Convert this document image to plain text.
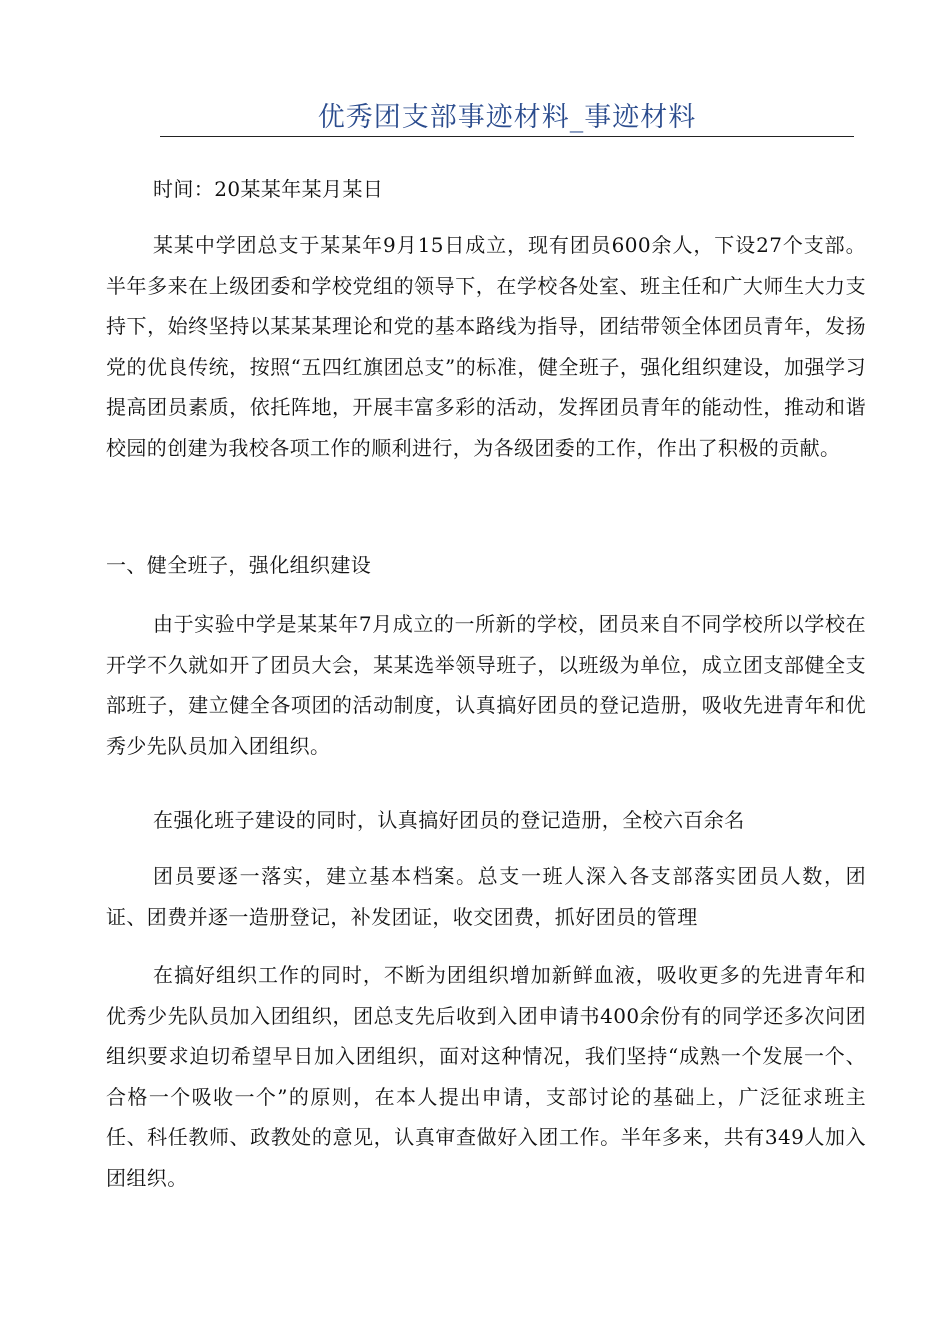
优秀团支部事迹材料_事迹材料

时间：20某某年某月某日

某某中学团总支于某某年9月15日成立，现有团员600余人，下设27个支部。半年多来在上级团委和学校党组的领导下，在学校各处室、班主任和广大师生大力支持下，始终坚持以某某某理论和党的基本路线为指导，团结带领全体团员青年，发扬党的优良传统，按照“五四红旗团总支”的标准，健全班子，强化组织建设，加强学习提高团员素质，依托阵地，开展丰富多彩的活动，发挥团员青年的能动性，推动和谐校园的创建为我校各项工作的顺利进行，为各级团委的工作，作出了积极的贡献。

一、健全班子，强化组织建设

由于实验中学是某某年7月成立的一所新的学校，团员来自不同学校所以学校在开学不久就如开了团员大会，某某选举领导班子，以班级为单位，成立团支部健全支部班子，建立健全各项团的活动制度，认真搞好团员的登记造册，吸收先进青年和优秀少先队员加入团组织。

在强化班子建设的同时，认真搞好团员的登记造册，全校六百余名

团员要逐一落实，建立基本档案。总支一班人深入各支部落实团员人数，团证、团费并逐一造册登记，补发团证，收交团费，抓好团员的管理

在搞好组织工作的同时，不断为团组织增加新鲜血液，吸收更多的先进青年和优秀少先队员加入团组织，团总支先后收到入团申请书400余份有的同学还多次问团组织要求迫切希望早日加入团组织，面对这种情况，我们坚持“成熟一个发展一个、合格一个吸收一个”的原则，在本人提出申请，支部讨论的基础上，广泛征求班主任、科任教师、政教处的意见，认真审查做好入团工作。半年多来，共有349人加入团组织。
